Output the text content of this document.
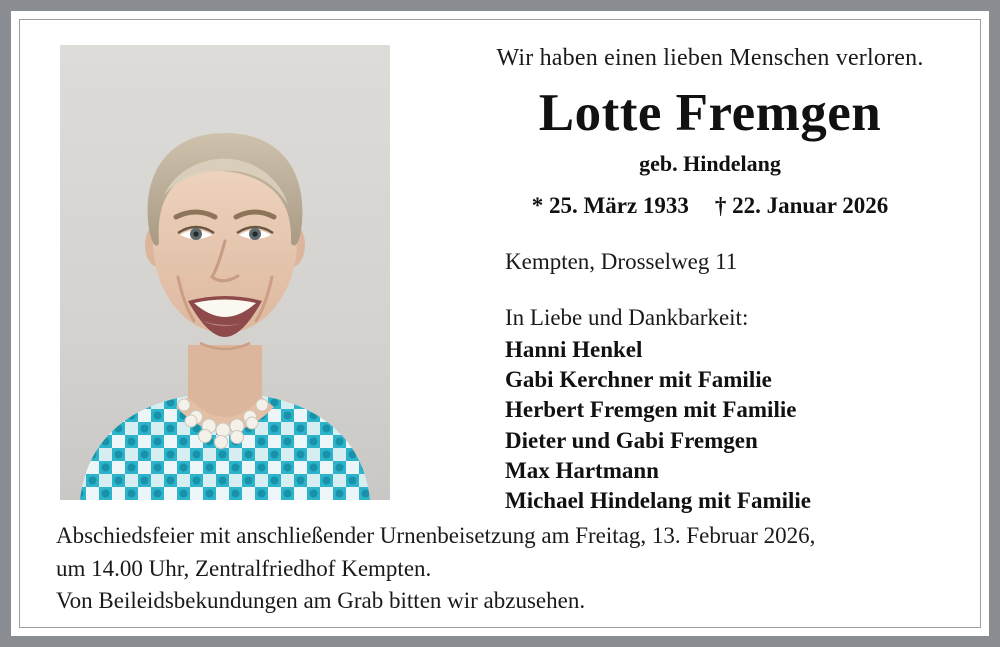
Wir haben einen lieben Menschen verloren.
Lotte Fremgen
geb. Hindelang
* 25. März 1933 † 22. Januar 2026
Kempten, Drosselweg 11
In Liebe und Dankbarkeit:
Hanni Henkel
Gabi Kerchner mit Familie
Herbert Fremgen mit Familie
Dieter und Gabi Fremgen
Max Hartmann
Michael Hindelang mit Familie

Abschiedsfeier mit anschließender Urnenbeisetzung am Freitag, 13. Februar 2026,

um 14.00 Uhr, Zentralfriedhof Kempten.

Von Beileidsbekundungen am Grab bitten wir abzusehen.
